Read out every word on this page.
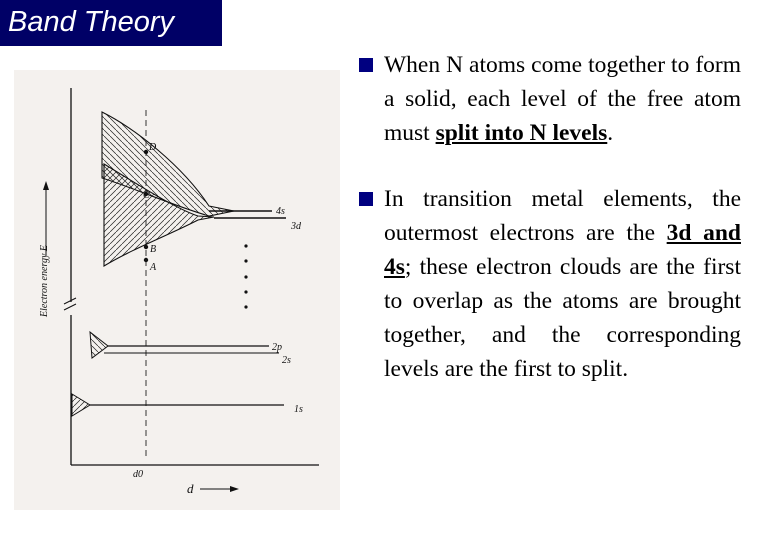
Band Theory
Electron energy E
d
d0
4s
3d
2p
2s
1s
D
C
B
A
When N atoms come together to form a solid, each level of the free atom must split into N levels.
In transition metal elements, the outermost electrons are the 3d and 4s; these electron clouds are the first to overlap as the atoms are brought together, and the corresponding levels are the first to split.
